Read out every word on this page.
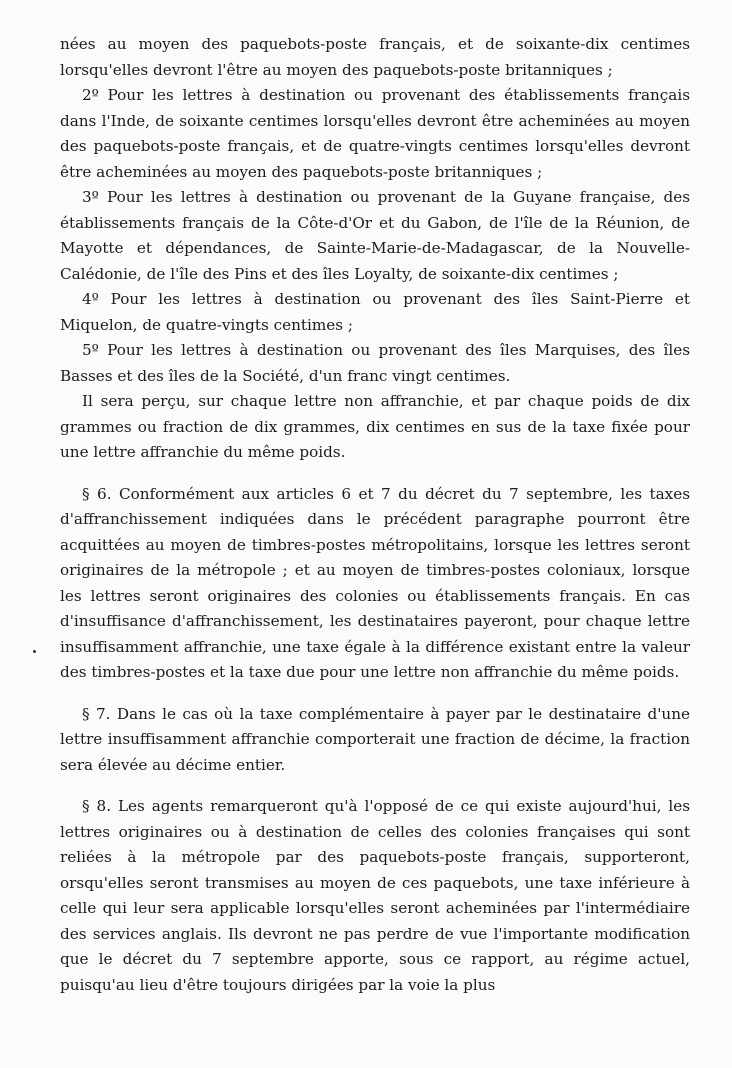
nées au moyen des paquebots-poste français, et de soixante-dix centimes lorsqu'elles devront l'être au moyen des paquebots-poste britanniques ;

2º Pour les lettres à destination ou provenant des établissements français dans l'Inde, de soixante centimes lorsqu'elles devront être acheminées au moyen des paquebots-poste français, et de quatre-vingts centimes lorsqu'elles devront être acheminées au moyen des paquebots-poste britanniques ;

3º Pour les lettres à destination ou provenant de la Guyane française, des établissements français de la Côte-d'Or et du Gabon, de l'île de la Réunion, de Mayotte et dépendances, de Sainte-Marie-de-Madagascar, de la Nouvelle-Calédonie, de l'île des Pins et des îles Loyalty, de soixante-dix centimes ;

4º Pour les lettres à destination ou provenant des îles Saint-Pierre et Miquelon, de quatre-vingts centimes ;

5º Pour les lettres à destination ou provenant des îles Marquises, des îles Basses et des îles de la Société, d'un franc vingt centimes.

Il sera perçu, sur chaque lettre non affranchie, et par chaque poids de dix grammes ou fraction de dix grammes, dix centimes en sus de la taxe fixée pour une lettre affranchie du même poids.

§ 6. Conformément aux articles 6 et 7 du décret du 7 septembre, les taxes d'affranchissement indiquées dans le précédent paragraphe pourront être acquittées au moyen de timbres-postes métropolitains, lorsque les lettres seront originaires de la métropole ; et au moyen de timbres-postes coloniaux, lorsque les lettres seront originaires des colonies ou établissements français. En cas d'insuffisance d'affranchissement, les destinataires payeront, pour chaque lettre insuffisamment affranchie, une taxe égale à la différence existant entre la valeur des timbres-postes et la taxe due pour une lettre non affranchie du même poids.

§ 7. Dans le cas où la taxe complémentaire à payer par le destinataire d'une lettre insuffisamment affranchie comporterait une fraction de décime, la fraction sera élevée au décime entier.

§ 8. Les agents remarqueront qu'à l'opposé de ce qui existe aujourd'hui, les lettres originaires ou à destination de celles des colonies françaises qui sont reliées à la métropole par des paquebots-poste français, supporteront, orsqu'elles seront transmises au moyen de ces paquebots, une taxe inférieure à celle qui leur sera applicable lorsqu'elles seront acheminées par l'intermédiaire des services anglais. Ils devront ne pas perdre de vue l'importante modification que le décret du 7 septembre apporte, sous ce rapport, au régime actuel, puisqu'au lieu d'être toujours dirigées par la voie la plus
